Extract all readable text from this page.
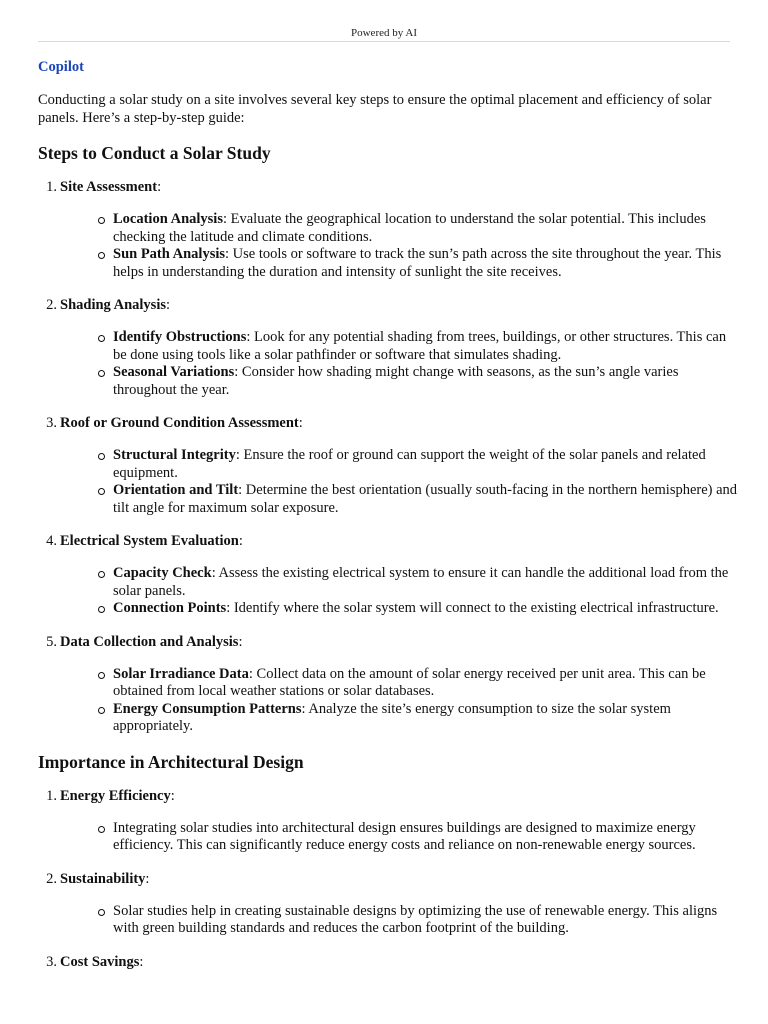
Powered by AI

Copilot

Conducting a solar study on a site involves several key steps to ensure the optimal placement and efficiency of solar panels. Here’s a step-by-step guide:

Steps to Conduct a Solar Study

1. Site Assessment:

Location Analysis: Evaluate the geographical location to understand the solar potential. This includes checking the latitude and climate conditions.
Sun Path Analysis: Use tools or software to track the sun’s path across the site throughout the year. This helps in understanding the duration and intensity of sunlight the site receives.

2. Shading Analysis:

Identify Obstructions: Look for any potential shading from trees, buildings, or other structures. This can be done using tools like a solar pathfinder or software that simulates shading.
Seasonal Variations: Consider how shading might change with seasons, as the sun’s angle varies throughout the year.

3. Roof or Ground Condition Assessment:

Structural Integrity: Ensure the roof or ground can support the weight of the solar panels and related equipment.
Orientation and Tilt: Determine the best orientation (usually south-facing in the northern hemisphere) and tilt angle for maximum solar exposure.

4. Electrical System Evaluation:

Capacity Check: Assess the existing electrical system to ensure it can handle the additional load from the solar panels.
Connection Points: Identify where the solar system will connect to the existing electrical infrastructure.

5. Data Collection and Analysis:

Solar Irradiance Data: Collect data on the amount of solar energy received per unit area. This can be obtained from local weather stations or solar databases.
Energy Consumption Patterns: Analyze the site’s energy consumption to size the solar system appropriately.
Importance in Architectural Design

1. Energy Efficiency:

Integrating solar studies into architectural design ensures buildings are designed to maximize energy efficiency. This can significantly reduce energy costs and reliance on non-renewable energy sources.

2. Sustainability:

Solar studies help in creating sustainable designs by optimizing the use of renewable energy. This aligns with green building standards and reduces the carbon footprint of the building.

3. Cost Savings:
